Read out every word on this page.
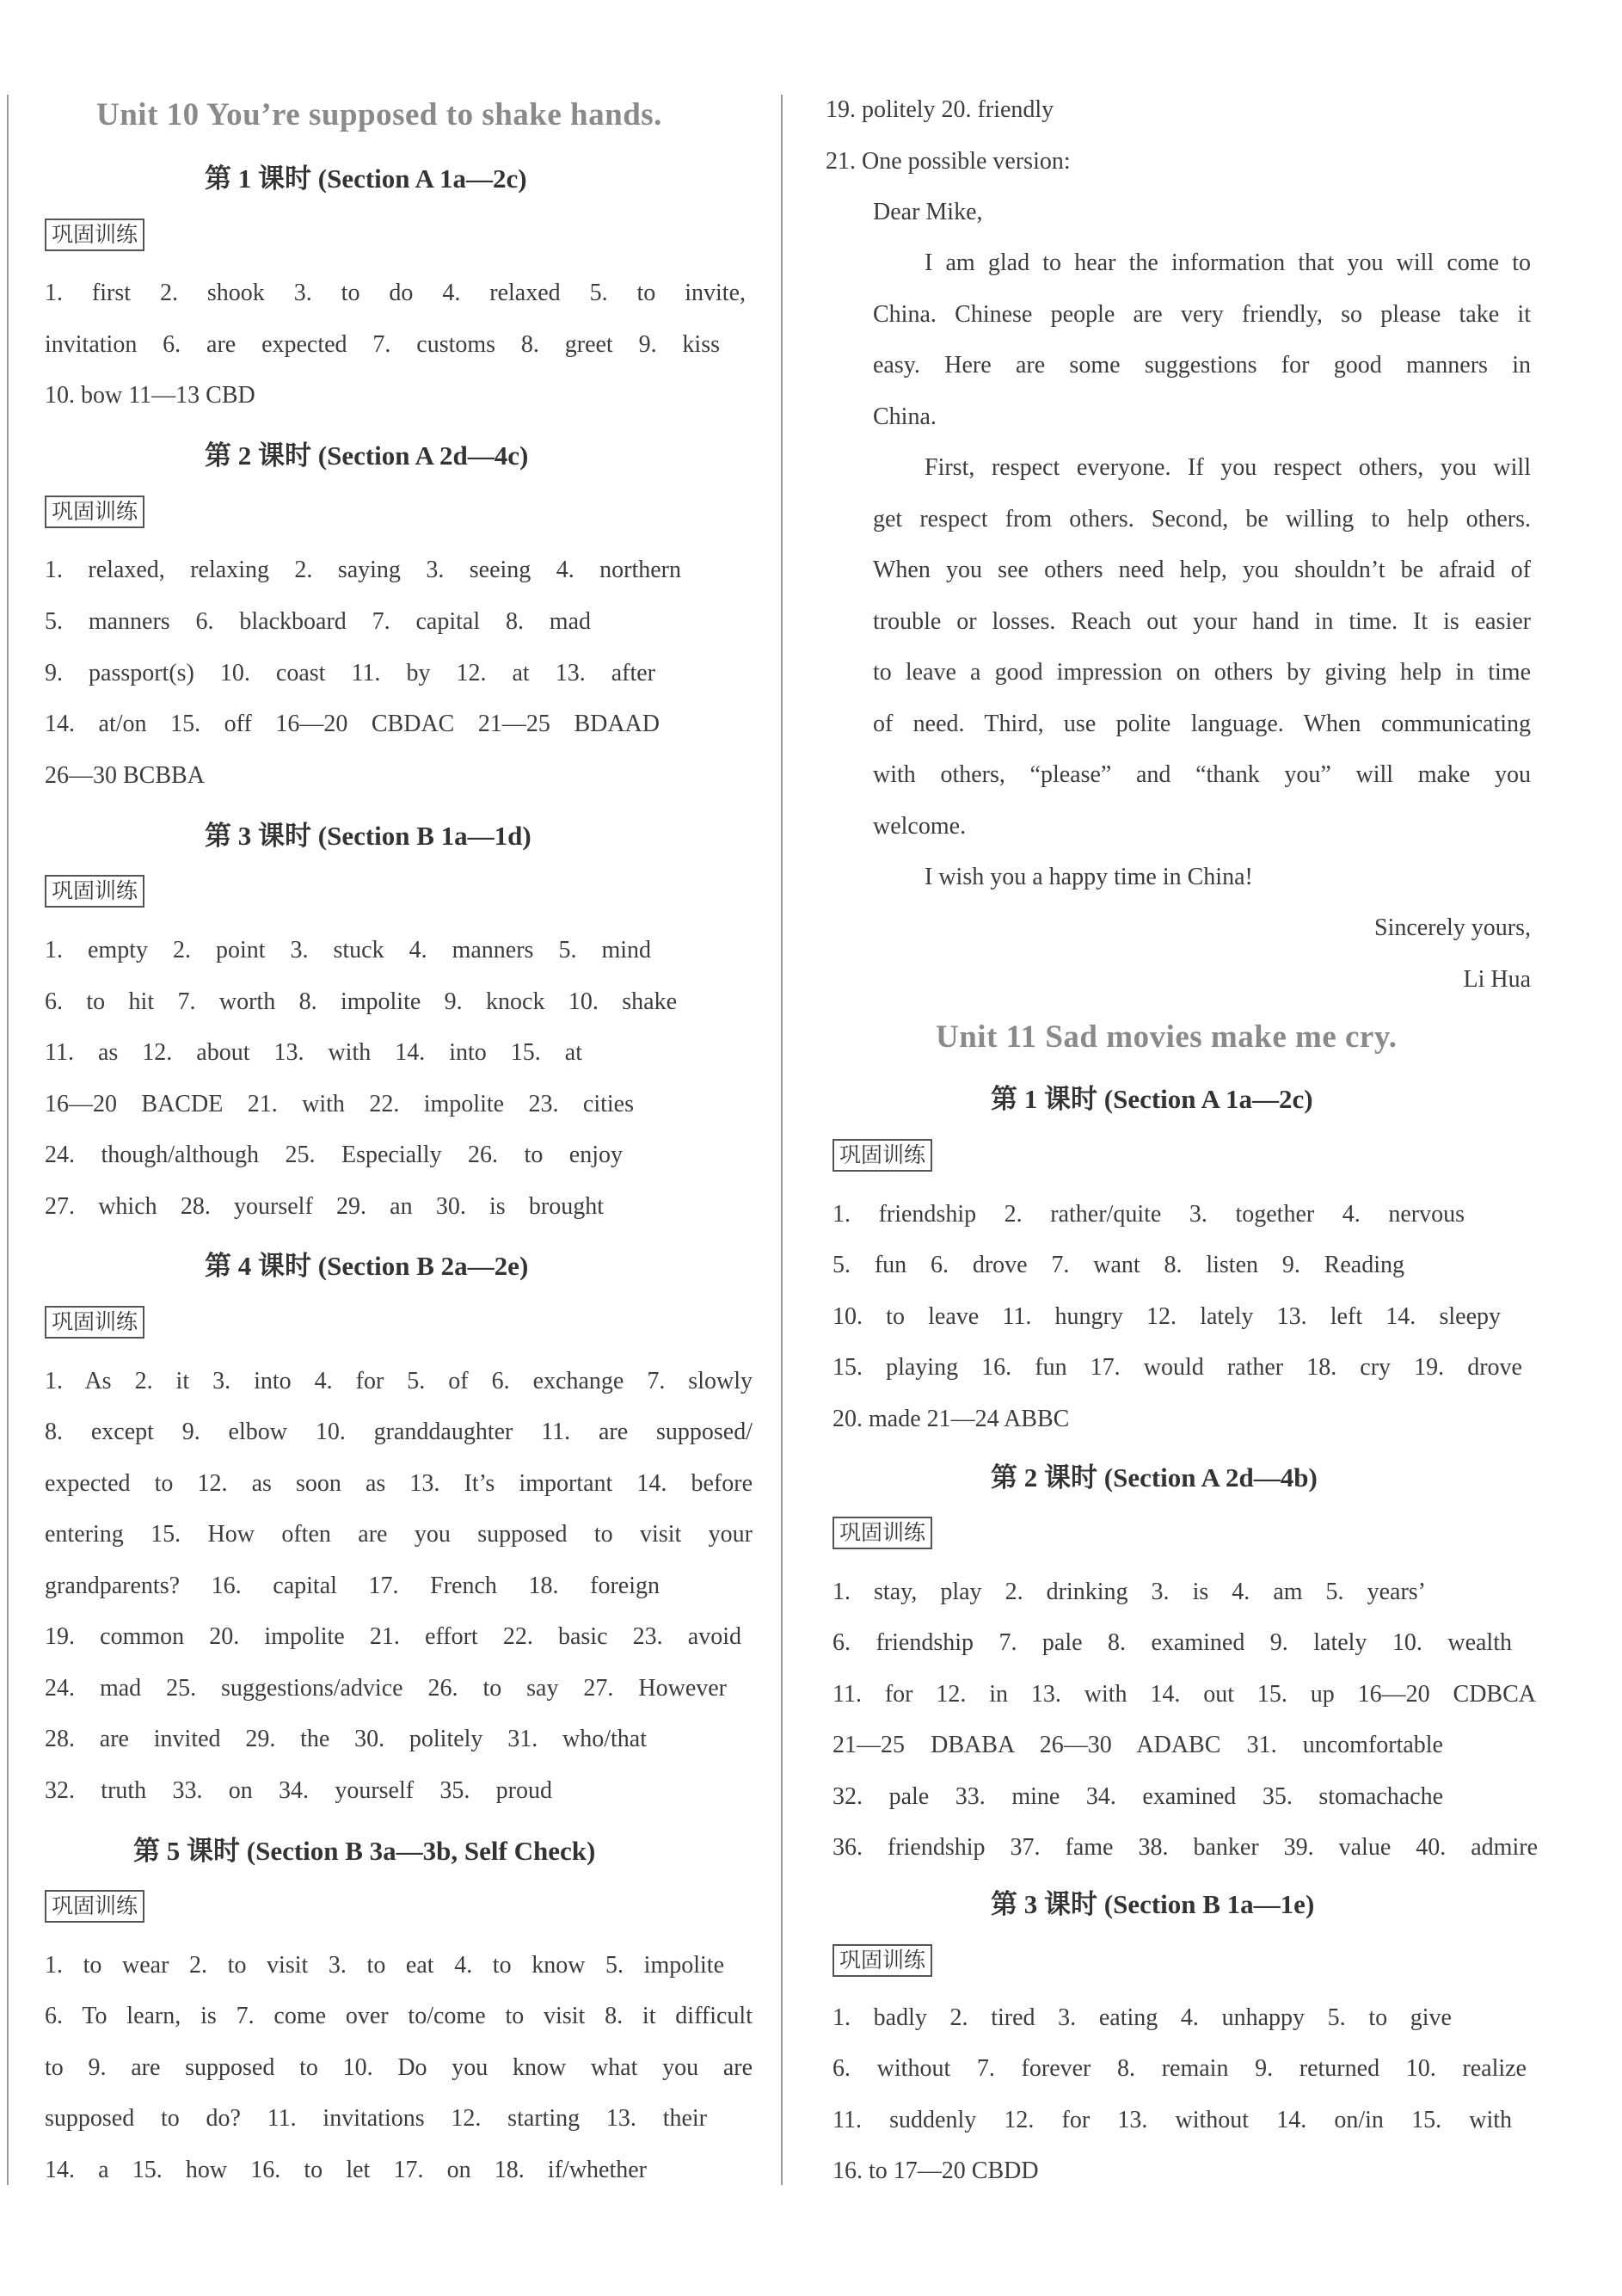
Unit 10 You’re supposed to shake hands.
第 1 课时 (Section A 1a—2c)
巩固训练
1. first 2. shook 3. to do 4. relaxed 5. to invite,
invitation 6. are expected 7. customs 8. greet 9. kiss
10. bow 11—13 CBD
第 2 课时 (Section A 2d—4c)
巩固训练
1. relaxed, relaxing 2. saying 3. seeing 4. northern
5. manners 6. blackboard 7. capital 8. mad
9. passport(s) 10. coast 11. by 12. at 13. after
14. at/on 15. off 16—20 CBDAC 21—25 BDAAD
26—30 BCBBA
第 3 课时 (Section B 1a—1d)
巩固训练
1. empty 2. point 3. stuck 4. manners 5. mind
6. to hit 7. worth 8. impolite 9. knock 10. shake
11. as 12. about 13. with 14. into 15. at
16—20 BACDE 21. with 22. impolite 23. cities
24. though/although 25. Especially 26. to enjoy
27. which 28. yourself 29. an 30. is brought
第 4 课时 (Section B 2a—2e)
巩固训练
1. As 2. it 3. into 4. for 5. of 6. exchange 7. slowly
8. except 9. elbow 10. granddaughter 11. are supposed/
expected to 12. as soon as 13. It’s important 14. before
entering 15. How often are you supposed to visit your
grandparents? 16. capital 17. French 18. foreign
19. common 20. impolite 21. effort 22. basic 23. avoid
24. mad 25. suggestions/advice 26. to say 27. However
28. are invited 29. the 30. politely 31. who/that
32. truth 33. on 34. yourself 35. proud
第 5 课时 (Section B 3a—3b, Self Check)
巩固训练
1. to wear 2. to visit 3. to eat 4. to know 5. impolite
6. To learn, is 7. come over to/come to visit 8. it difficult
to 9. are supposed to 10. Do you know what you are
supposed to do? 11. invitations 12. starting 13. their
14. a 15. how 16. to let 17. on 18. if/whether
19. politely 20. friendly
21. One possible version:
Dear Mike,
I am glad to hear the information that you will come to
China. Chinese people are very friendly, so please take it
easy. Here are some suggestions for good manners in
China.
First, respect everyone. If you respect others, you will
get respect from others. Second, be willing to help others.
When you see others need help, you shouldn’t be afraid of
trouble or losses. Reach out your hand in time. It is easier
to leave a good impression on others by giving help in time
of need. Third, use polite language. When communicating
with others, “please” and “thank you” will make you
welcome.
I wish you a happy time in China!
Sincerely yours,
Li Hua
Unit 11 Sad movies make me cry.
第 1 课时 (Section A 1a—2c)
巩固训练
1. friendship 2. rather/quite 3. together 4. nervous
5. fun 6. drove 7. want 8. listen 9. Reading
10. to leave 11. hungry 12. lately 13. left 14. sleepy
15. playing 16. fun 17. would rather 18. cry 19. drove
20. made 21—24 ABBC
第 2 课时 (Section A 2d—4b)
巩固训练
1. stay, play 2. drinking 3. is 4. am 5. years’
6. friendship 7. pale 8. examined 9. lately 10. wealth
11. for 12. in 13. with 14. out 15. up 16—20 CDBCA
21—25 DBABA 26—30 ADABC 31. uncomfortable
32. pale 33. mine 34. examined 35. stomachache
36. friendship 37. fame 38. banker 39. value 40. admire
第 3 课时 (Section B 1a—1e)
巩固训练
1. badly 2. tired 3. eating 4. unhappy 5. to give
6. without 7. forever 8. remain 9. returned 10. realize
11. suddenly 12. for 13. without 14. on/in 15. with
16. to 17—20 CBDD
